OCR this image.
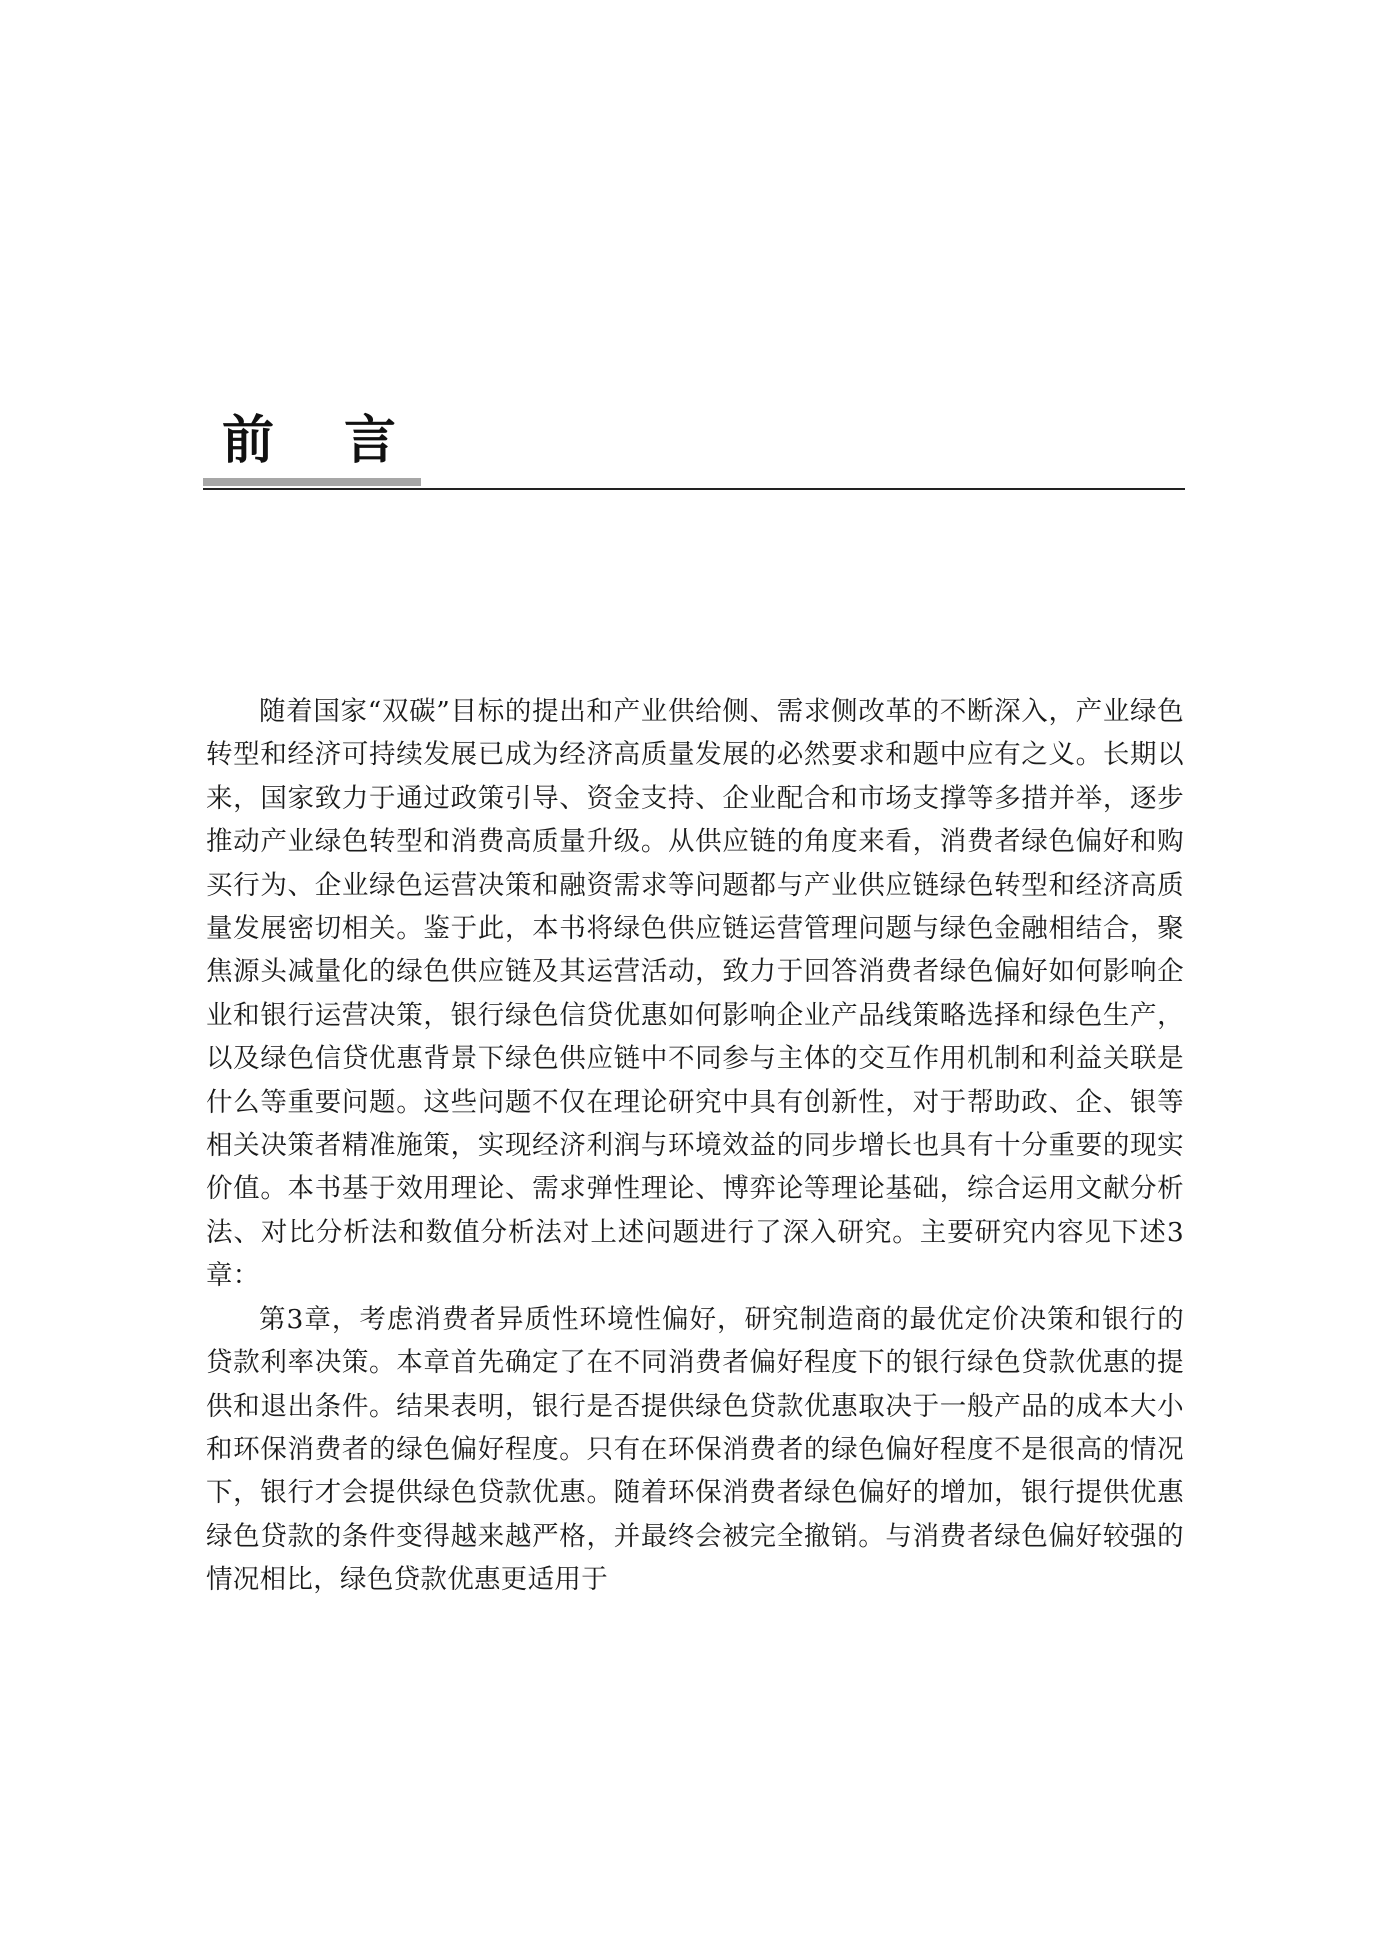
前言

随着国家“双碳”目标的提出和产业供给侧、需求侧改革的不断深入，产业绿色转型和经济可持续发展已成为经济高质量发展的必然要求和题中应有之义。长期以来，国家致力于通过政策引导、资金支持、企业配合和市场支撑等多措并举，逐步推动产业绿色转型和消费高质量升级。从供应链的角度来看，消费者绿色偏好和购买行为、企业绿色运营决策和融资需求等问题都与产业供应链绿色转型和经济高质量发展密切相关。鉴于此，本书将绿色供应链运营管理问题与绿色金融相结合，聚焦源头减量化的绿色供应链及其运营活动，致力于回答消费者绿色偏好如何影响企业和银行运营决策，银行绿色信贷优惠如何影响企业产品线策略选择和绿色生产，以及绿色信贷优惠背景下绿色供应链中不同参与主体的交互作用机制和利益关联是什么等重要问题。这些问题不仅在理论研究中具有创新性，对于帮助政、企、银等相关决策者精准施策，实现经济利润与环境效益的同步增长也具有十分重要的现实价值。本书基于效用理论、需求弹性理论、博弈论等理论基础，综合运用文献分析法、对比分析法和数值分析法对上述问题进行了深入研究。主要研究内容见下述3章：

第3章，考虑消费者异质性环境性偏好，研究制造商的最优定价决策和银行的贷款利率决策。本章首先确定了在不同消费者偏好程度下的银行绿色贷款优惠的提供和退出条件。结果表明，银行是否提供绿色贷款优惠取决于一般产品的成本大小和环保消费者的绿色偏好程度。只有在环保消费者的绿色偏好程度不是很高的情况下，银行才会提供绿色贷款优惠。随着环保消费者绿色偏好的增加，银行提供优惠绿色贷款的条件变得越来越严格，并最终会被完全撤销。与消费者绿色偏好较强的情况相比，绿色贷款优惠更适用于
